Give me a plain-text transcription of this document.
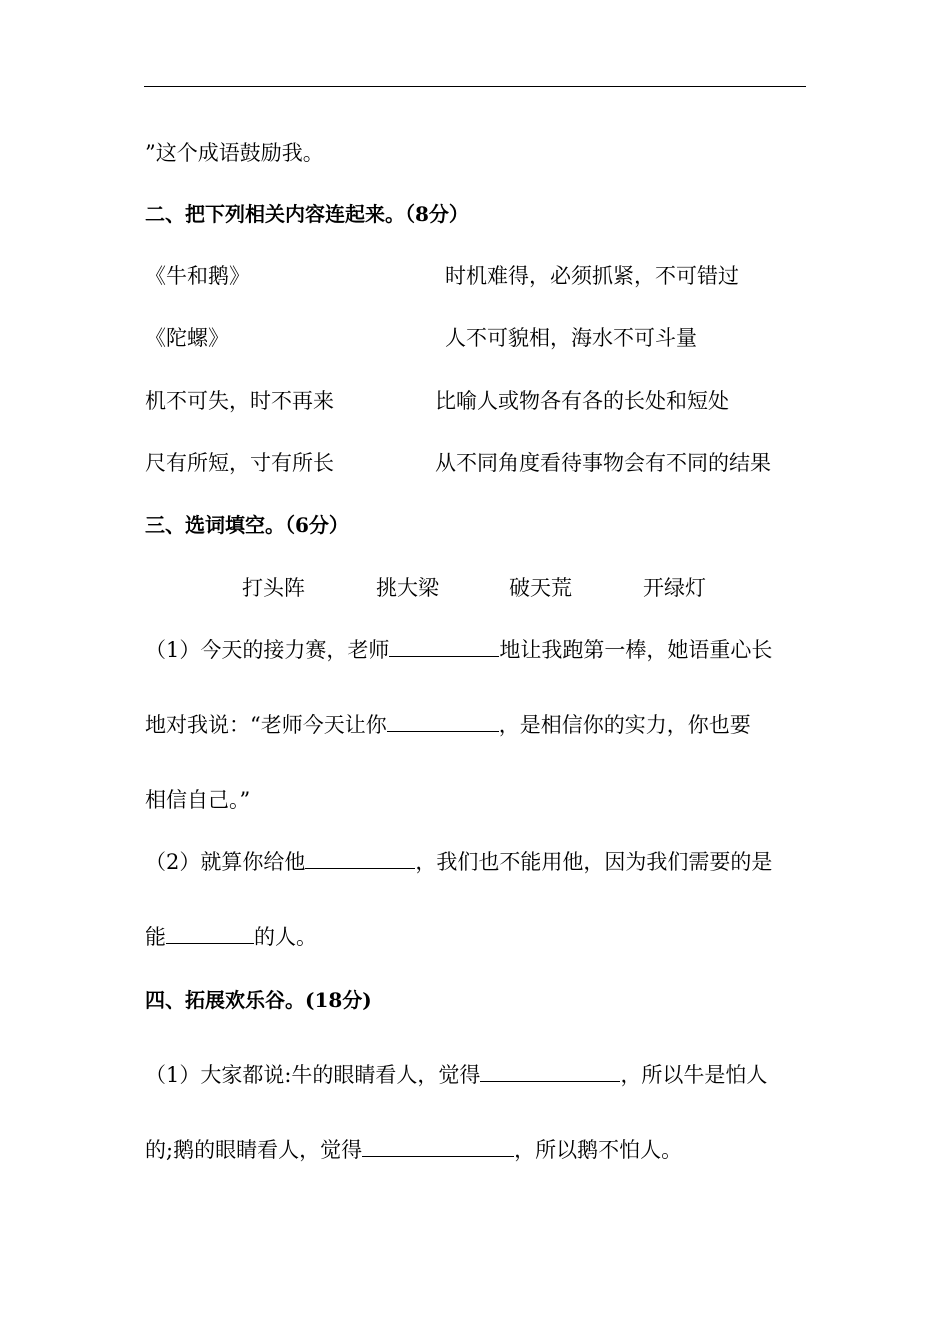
”这个成语鼓励我。
二、把下列相关内容连起来。（8分）
《牛和鹅》	时机难得，必须抓紧，不可错过
《陀螺》	人不可貌相，海水不可斗量
机不可失，时不再来	比喻人或物各有各的长处和短处
尺有所短，寸有所长	从不同角度看待事物会有不同的结果
三、选词填空。（6分）
打头阵	挑大梁	破天荒	开绿灯
（1）今天的接力赛，老师	地让我跑第一棒，她语重心长
地对我说：“老师今天让你	，是相信你的实力，你也要
相信自己。”
（2）就算你给他	，我们也不能用他，因为我们需要的是
能	的人。
四、拓展欢乐谷。(18分)
（1）大家都说:牛的眼睛看人，觉得	，所以牛是怕人
的;鹅的眼睛看人，觉得	，所以鹅不怕人。
